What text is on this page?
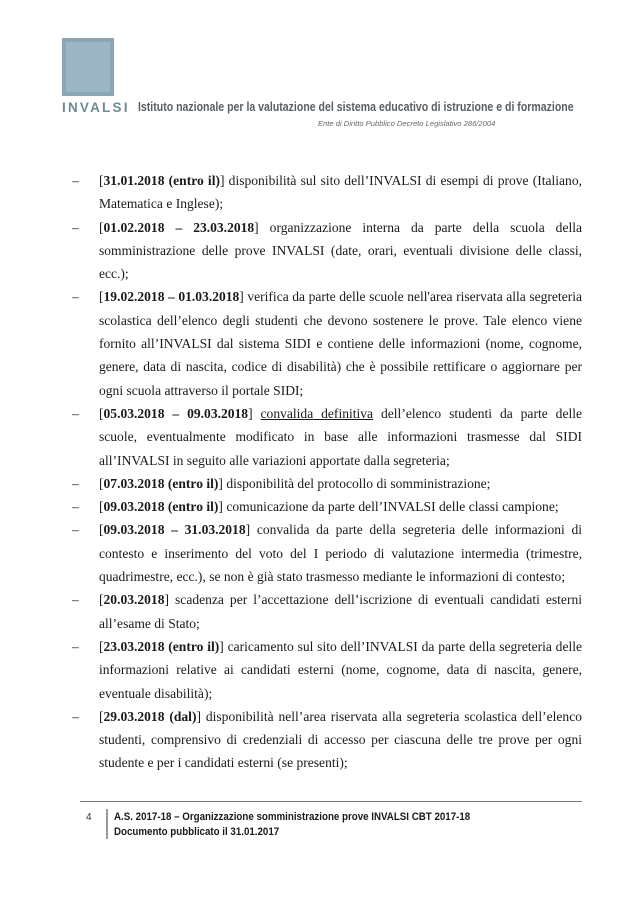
INVALSI Istituto nazionale per la valutazione del sistema educativo di istruzione e di formazione
Ente di Diritto Pubblico Decreto Legislativo 286/2004
– [31.01.2018 (entro il)] disponibilità sul sito dell’INVALSI di esempi di prove (Italiano, Matematica e Inglese);
– [01.02.2018 – 23.03.2018] organizzazione interna da parte della scuola della somministrazione delle prove INVALSI (date, orari, eventuali divisione delle classi, ecc.);
– [19.02.2018 – 01.03.2018] verifica da parte delle scuole nell'area riservata alla segreteria scolastica dell’elenco degli studenti che devono sostenere le prove. Tale elenco viene fornito all’INVALSI dal sistema SIDI e contiene delle informazioni (nome, cognome, genere, data di nascita, codice di disabilità) che è possibile rettificare o aggiornare per ogni scuola attraverso il portale SIDI;
– [05.03.2018 – 09.03.2018] convalida definitiva dell’elenco studenti da parte delle scuole, eventualmente modificato in base alle informazioni trasmesse dal SIDI all’INVALSI in seguito alle variazioni apportate dalla segreteria;
– [07.03.2018 (entro il)] disponibilità del protocollo di somministrazione;
– [09.03.2018 (entro il)] comunicazione da parte dell’INVALSI delle classi campione;
– [09.03.2018 – 31.03.2018] convalida da parte della segreteria delle informazioni di contesto e inserimento del voto del I periodo di valutazione intermedia (trimestre, quadrimestre, ecc.), se non è già stato trasmesso mediante le informazioni di contesto;
– [20.03.2018] scadenza per l’accettazione dell’iscrizione di eventuali candidati esterni all’esame di Stato;
– [23.03.2018 (entro il)] caricamento sul sito dell’INVALSI da parte della segreteria delle informazioni relative ai candidati esterni (nome, cognome, data di nascita, genere, eventuale disabilità);
– [29.03.2018 (dal)] disponibilità nell’area riservata alla segreteria scolastica dell’elenco studenti, comprensivo di credenziali di accesso per ciascuna delle tre prove per ogni studente e per i candidati esterni (se presenti);
4 A.S. 2017-18 – Organizzazione somministrazione prove INVALSI CBT 2017-18
Documento pubblicato il 31.01.2017
